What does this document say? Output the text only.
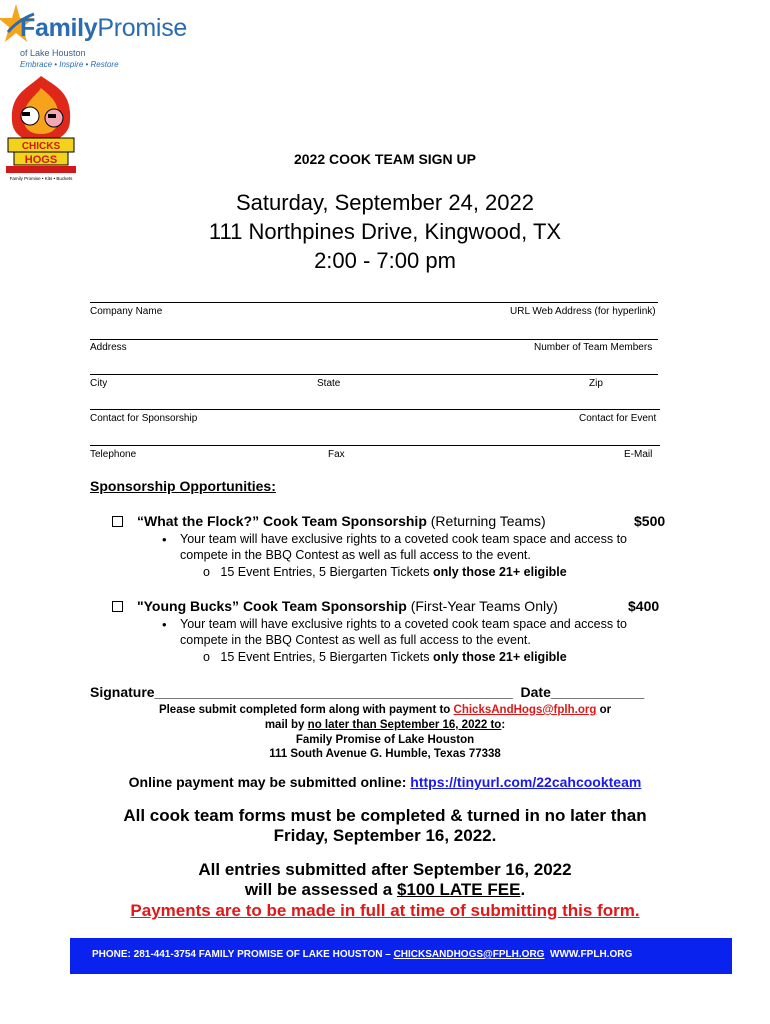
FamilyPromise
of Lake Houston
Embrace • Inspire • Restore
CHICKS
HOGS
Family Promise • Kits • Buckets
2022 COOK TEAM SIGN UP
Saturday, September 24, 2022
111 Northpines Drive, Kingwood, TX
2:00 - 7:00 pm
Company Name	URL Web Address (for hyperlink)
Address	Number of Team Members
City	State	Zip
Contact for Sponsorship	Contact for Event
Telephone	Fax	E-Mail
Sponsorship Opportunities:
“What the Flock?” Cook Team Sponsorship (Returning Teams)	$500
• Your team will have exclusive rights to a coveted cook team space and access to
compete in the BBQ Contest as well as full access to the event.
o 15 Event Entries, 5 Biergarten Tickets only those 21+ eligible
"Young Bucks” Cook Team Sponsorship (First-Year Teams Only)	$400
• Your team will have exclusive rights to a coveted cook team space and access to
compete in the BBQ Contest as well as full access to the event.
o 15 Event Entries, 5 Biergarten Tickets only those 21+ eligible
Signature______________________________________________ Date____________
Please submit completed form along with payment to ChicksAndHogs@fplh.org or
mail by no later than September 16, 2022 to:
Family Promise of Lake Houston
111 South Avenue G. Humble, Texas 77338
Online payment may be submitted online: https://tinyurl.com/22cahcookteam
All cook team forms must be completed & turned in no later than
Friday, September 16, 2022.
All entries submitted after September 16, 2022
will be assessed a $100 LATE FEE.
Payments are to be made in full at time of submitting this form.
PHONE: 281-441-3754 FAMILY PROMISE OF LAKE HOUSTON – CHICKSANDHOGS@FPLH.ORG WWW.FPLH.ORG
